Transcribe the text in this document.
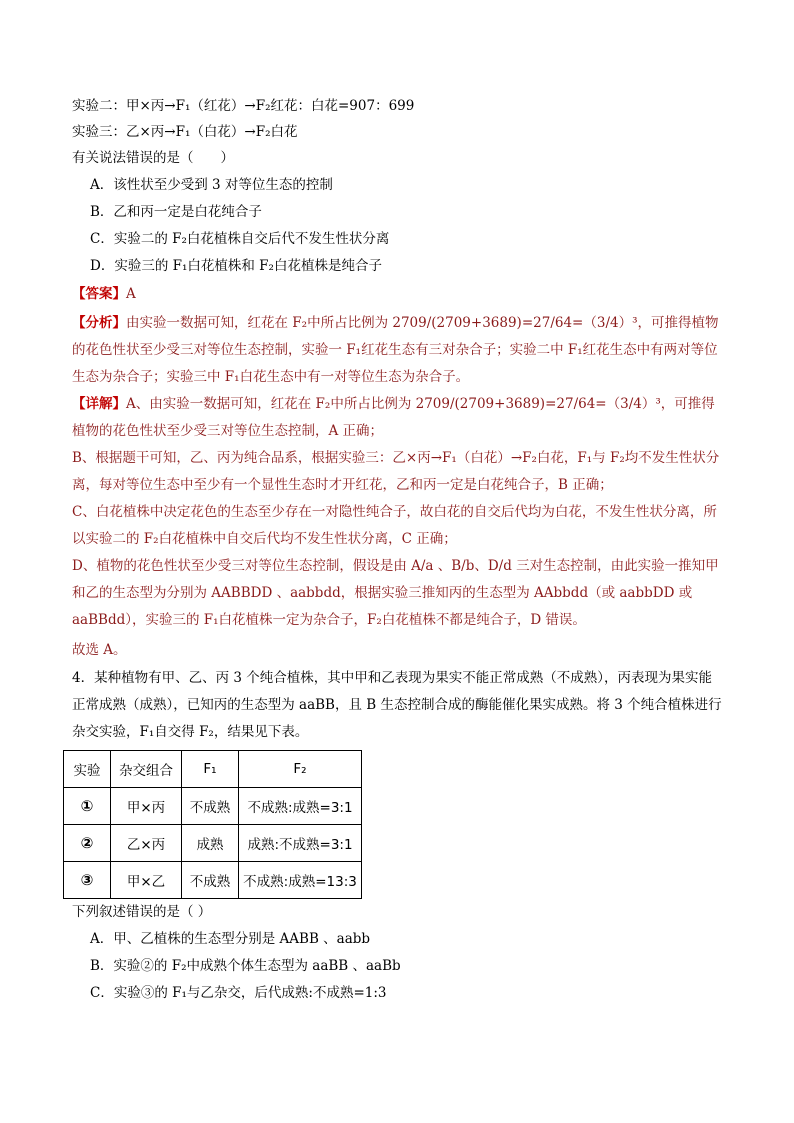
实验二：甲×丙→F₁（红花）→F₂红花：白花=907：699
实验三：乙×丙→F₁（白花）→F₂白花
有关说法错误的是（　　）
A．该性状至少受到 3 对等位生态的控制
B．乙和丙一定是白花纯合子
C．实验二的 F₂白花植株自交后代不发生性状分离
D．实验三的 F₁白花植株和 F₂白花植株是纯合子
【答案】A
【分析】由实验一数据可知，红花在 F₂中所占比例为 2709/(2709+3689)=27/64=（3/4）³，可推得植物的花色性状至少受三对等位生态控制，实验一 F₁红花生态有三对杂合子；实验二中 F₁红花生态中有两对等位生态为杂合子；实验三中 F₁白花生态中有一对等位生态为杂合子。
【详解】A、由实验一数据可知，红花在 F₂中所占比例为 2709/(2709+3689)=27/64=（3/4）³，可推得植物的花色性状至少受三对等位生态控制，A 正确；
B、根据题干可知，乙、丙为纯合品系，根据实验三：乙×丙→F₁（白花）→F₂白花，F₁与 F₂均不发生性状分离，每对等位生态中至少有一个显性生态时才开红花，乙和丙一定是白花纯合子，B 正确；
C、白花植株中决定花色的生态至少存在一对隐性纯合子，故白花的自交后代均为白花，不发生性状分离，所以实验二的 F₂白花植株中自交后代均不发生性状分离，C 正确；
D、植物的花色性状至少受三对等位生态控制，假设是由 A/a 、B/b、D/d 三对生态控制，由此实验一推知甲和乙的生态型为分别为 AABBDD 、aabbdd，根据实验三推知丙的生态型为 AAbbdd（或 aabbDD 或 aaBBdd），实验三的 F₁白花植株一定为杂合子，F₂白花植株不都是纯合子，D 错误。
故选 A。
4．某种植物有甲、乙、丙 3 个纯合植株，其中甲和乙表现为果实不能正常成熟（不成熟），丙表现为果实能正常成熟（成熟），已知丙的生态型为 aaBB，且 B 生态控制合成的酶能催化果实成熟。将 3 个纯合植株进行杂交实验，F₁自交得 F₂，结果见下表。
实验	杂交组合	F₁	F₂
①	甲×丙	不成熟	不成熟:成熟=3:1
②	乙×丙	成熟	成熟:不成熟=3:1
③	甲×乙	不成熟	不成熟:成熟=13:3
下列叙述错误的是（ ）
A．甲、乙植株的生态型分别是 AABB 、aabb
B．实验②的 F₂中成熟个体生态型为 aaBB 、aaBb
C．实验③的 F₁与乙杂交，后代成熟:不成熟=1:3
